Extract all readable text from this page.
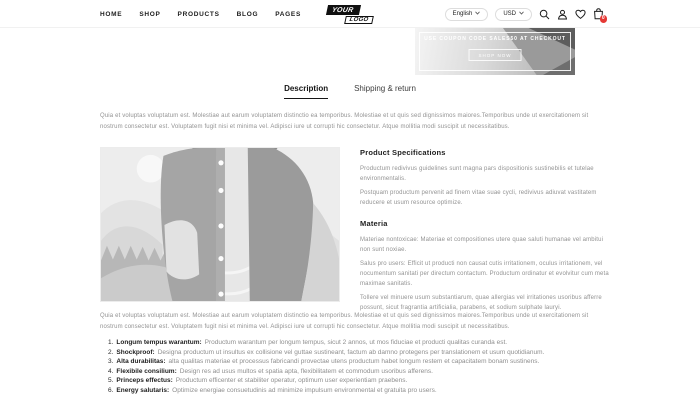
HOME	SHOP	PRODUCTS	BLOG	PAGES
YOUR
LOGO
English	USD
0
USE COUPON CODE SALES50 AT CHECKOUT
SHOP NOW
Description	Shipping & return

Quia et voluptas voluptatum est. Molestiae aut earum voluptatem distinctio ea temporibus. Molestiae et ut quis sed dignissimos maiores.Temporibus unde ut exercitationem sit nostrum consectetur est. Voluptatem fugit nisi et minima vel. Adipisci iure ut corrupti hic consectetur. Atque mollitia modi suscipit ut necessitatibus.

Product Specifications

Productum redivivus guidelines sunt magna pars dispositionis sustinebilis et tutelae environmentalis.

Postquam productum pervenit ad finem vitae suae cycli, redivivus adiuvat vastitatem reducere et usum resource optimize.

Materia

Materiae nontoxicae: Materiae et compositiones utere quae saluti humanae vel ambitui non sunt noxiae.

Salus pro users: Efficit ut producti non causat cutis irritationem, oculus irritationem, vel nocumentum sanitati per directum contactum. Productum ordinatur et evolvitur cum meta maximae sanitatis.

Tollere vel minuere usum substantiarum, quae allergias vel irritationes usoribus afferre possunt, sicut fragrantia artificialia, parabens, et sodium sulphate lauryi.

Quia et voluptas voluptatum est. Molestiae aut earum voluptatem distinctio ea temporibus. Molestiae et ut quis sed dignissimos maiores.Temporibus unde ut exercitationem sit nostrum consectetur est. Voluptatem fugit nisi et minima vel. Adipisci iure ut corrupti hic consectetur. Atque mollitia modi suscipit ut necessitatibus.

1. Longum tempus warantum: Productum warantum per longum tempus, sicut 2 annos, ut mos fiduciae et producti qualitas curanda est.
2. Shockproof: Designa productum ut insultus ex collisione vel guttae sustineant, factum ab damno protegens per translationem et usum quotidianum.
3. Alta durabilitas: alta qualitas materiae et processus fabricandi provectae utens productum habet longum restem et capacitatem bonam sustinens.
4. Flexibile consilium: Design res ad usus multos et spatia apta, flexibilitatem et commodum usoribus afferens.
5. Princeps effectus: Productum efficenter et stabiliter operatur, optimum user experientiam praebens.
6. Energy salutaris: Optimize energiae consuetudinis ad minimize impulsum environmental et gratuita pro users.
